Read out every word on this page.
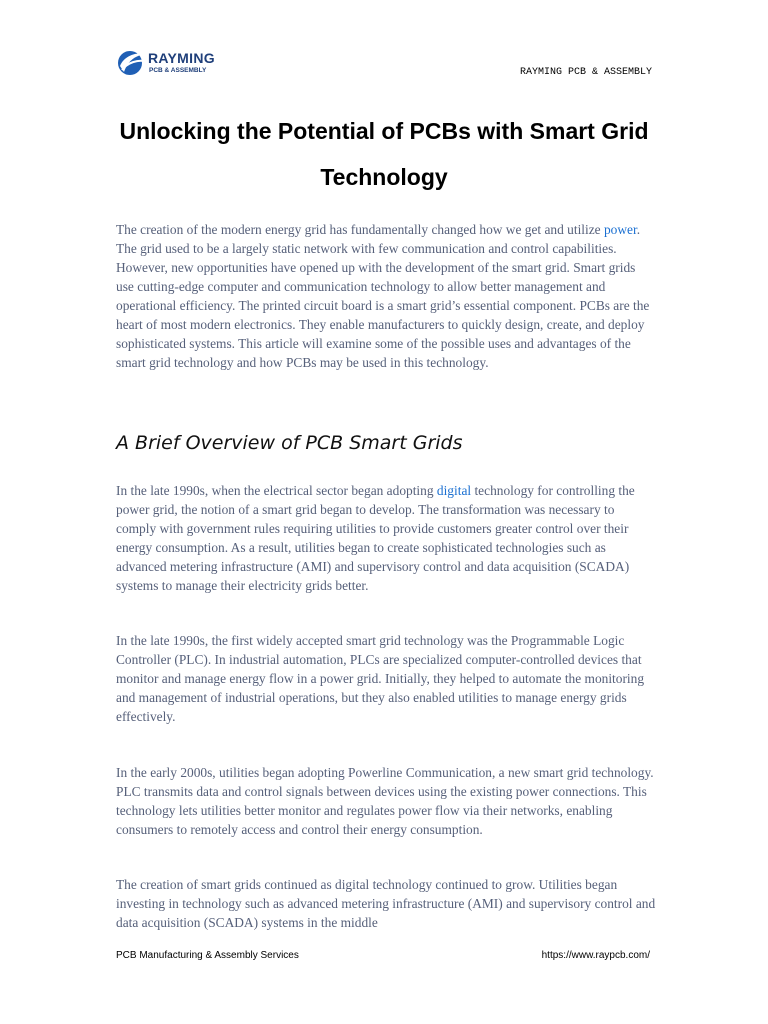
RAYMING
PCB & ASSEMBLY	RAYMING PCB & ASSEMBLY
Unlocking the Potential of PCBs with Smart Grid Technology

The creation of the modern energy grid has fundamentally changed how we get and utilize power. The grid used to be a largely static network with few communication and control capabilities. However, new opportunities have opened up with the development of the smart grid. Smart grids use cutting-edge computer and communication technology to allow better management and operational efficiency. The printed circuit board is a smart grid’s essential component. PCBs are the heart of most modern electronics. They enable manufacturers to quickly design, create, and deploy sophisticated systems. This article will examine some of the possible uses and advantages of the smart grid technology and how PCBs may be used in this technology.

A Brief Overview of PCB Smart Grids

In the late 1990s, when the electrical sector began adopting digital technology for controlling the power grid, the notion of a smart grid began to develop. The transformation was necessary to comply with government rules requiring utilities to provide customers greater control over their energy consumption. As a result, utilities began to create sophisticated technologies such as advanced metering infrastructure (AMI) and supervisory control and data acquisition (SCADA) systems to manage their electricity grids better.

In the late 1990s, the first widely accepted smart grid technology was the Programmable Logic Controller (PLC). In industrial automation, PLCs are specialized computer-controlled devices that monitor and manage energy flow in a power grid. Initially, they helped to automate the monitoring and management of industrial operations, but they also enabled utilities to manage energy grids effectively.

In the early 2000s, utilities began adopting Powerline Communication, a new smart grid technology. PLC transmits data and control signals between devices using the existing power connections. This technology lets utilities better monitor and regulates power flow via their networks, enabling consumers to remotely access and control their energy consumption.

The creation of smart grids continued as digital technology continued to grow. Utilities began investing in technology such as advanced metering infrastructure (AMI) and supervisory control and data acquisition (SCADA) systems in the middle

PCB Manufacturing & Assembly Services	https://www.raypcb.com/
